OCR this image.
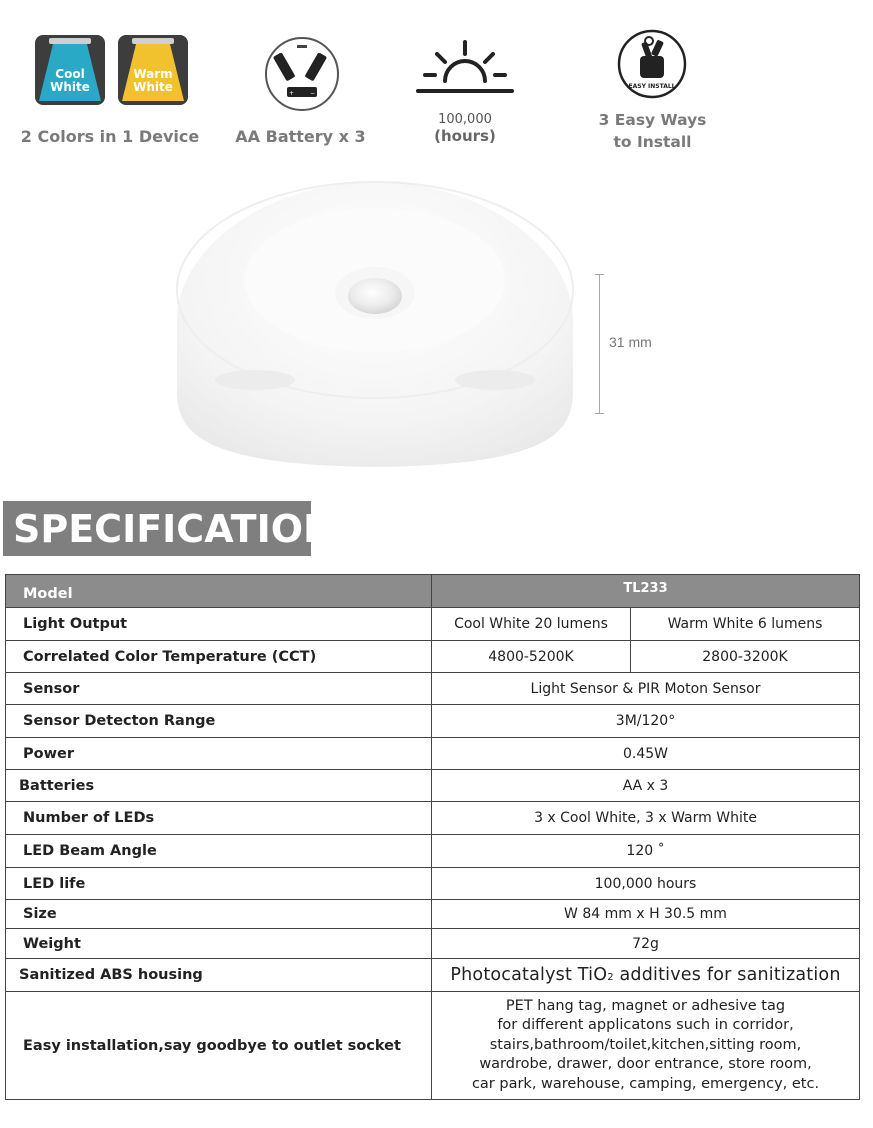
Cool
White
Warm
White
2 Colors in 1 Device
+	−
AA Battery x 3
100,000
(hours)
EASY INSTALL
3 Easy Ways
to Install
31 mm
SPECIFICATION
Model	TL233	
Light Output	Cool White 20 lumens	Warm White 6 lumens
Correlated Color Temperature (CCT)	4800-5200K	2800-3200K
Sensor	Light Sensor & PIR Moton Sensor	
Sensor Detecton Range	3M/120°	
Power	0.45W	
Batteries	AA x 3	
Number of LEDs	3 x Cool White, 3 x Warm White	
LED Beam Angle	120 ˚	
LED life	100,000 hours	
Size	W 84 mm x H 30.5 mm	
Weight	72g	
Sanitized ABS housing	Photocatalyst TiO2 additives for sanitization	
Easy installation,say goodbye to outlet socket	PET hang tag, magnet or adhesive tag
for different applicatons such in corridor,
stairs,bathroom/toilet,kitchen,sitting room,
wardrobe, drawer, door entrance, store room,
car park, warehouse, camping, emergency, etc.	
